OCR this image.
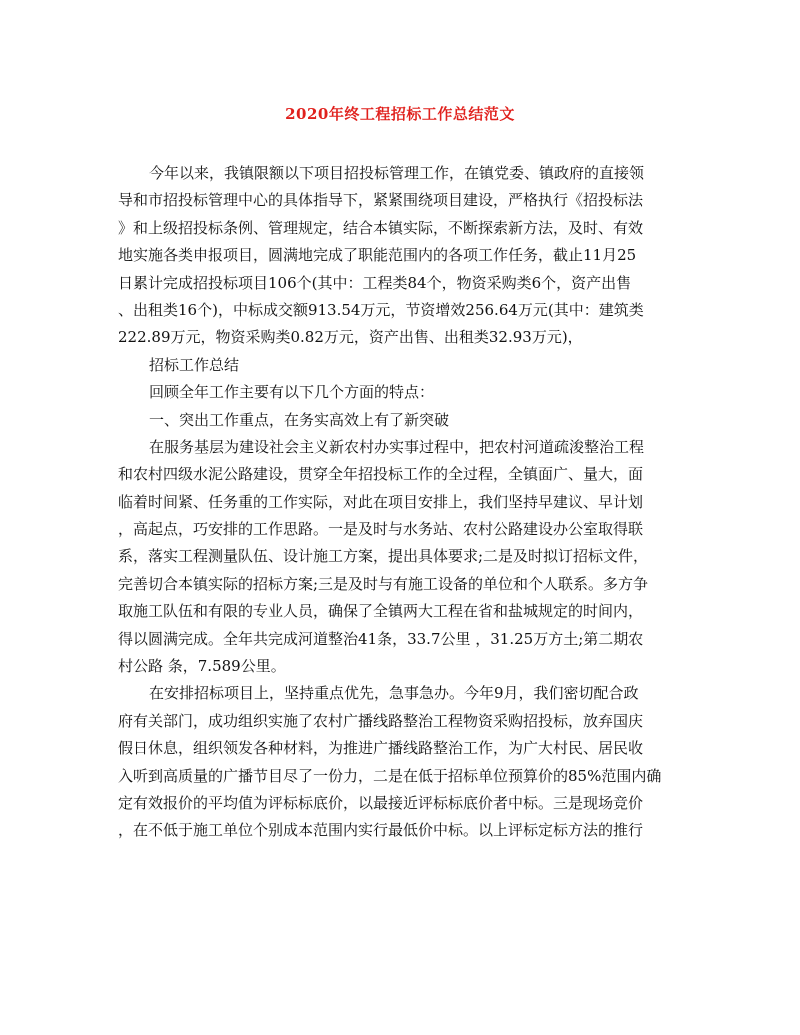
2020年终工程招标工作总结范文
今年以来，我镇限额以下项目招投标管理工作，在镇党委、镇政府的直接领
导和市招投标管理中心的具体指导下，紧紧围绕项目建设，严格执行《招投标法
》和上级招投标条例、管理规定，结合本镇实际，不断探索新方法，及时、有效
地实施各类申报项目，圆满地完成了职能范围内的各项工作任务，截止11月25
日累计完成招投标项目106个(其中：工程类84个，物资采购类6个，资产出售
、出租类16个)，中标成交额913.54万元，节资增效256.64万元(其中：建筑类
222.89万元，物资采购类0.82万元，资产出售、出租类32.93万元)，
招标工作总结
回顾全年工作主要有以下几个方面的特点：
一、突出工作重点，在务实高效上有了新突破
在服务基层为建设社会主义新农村办实事过程中，把农村河道疏浚整治工程
和农村四级水泥公路建设，贯穿全年招投标工作的全过程，全镇面广、量大，面
临着时间紧、任务重的工作实际，对此在项目安排上，我们坚持早建议、早计划
，高起点，巧安排的工作思路。一是及时与水务站、农村公路建设办公室取得联
系，落实工程测量队伍、设计施工方案，提出具体要求;二是及时拟订招标文件，
完善切合本镇实际的招标方案;三是及时与有施工设备的单位和个人联系。多方争
取施工队伍和有限的专业人员，确保了全镇两大工程在省和盐城规定的时间内，
得以圆满完成。全年共完成河道整治41条，33.7公里 ，31.25万方土;第二期农
村公路 条，7.589公里。
在安排招标项目上，坚持重点优先，急事急办。今年9月，我们密切配合政
府有关部门，成功组织实施了农村广播线路整治工程物资采购招投标，放弃国庆
假日休息，组织领发各种材料，为推进广播线路整治工作，为广大村民、居民收
入听到高质量的广播节目尽了一份力，二是在低于招标单位预算价的85%范围内确
定有效报价的平均值为评标标底价，以最接近评标标底价者中标。三是现场竞价
，在不低于施工单位个别成本范围内实行最低价中标。以上评标定标方法的推行
